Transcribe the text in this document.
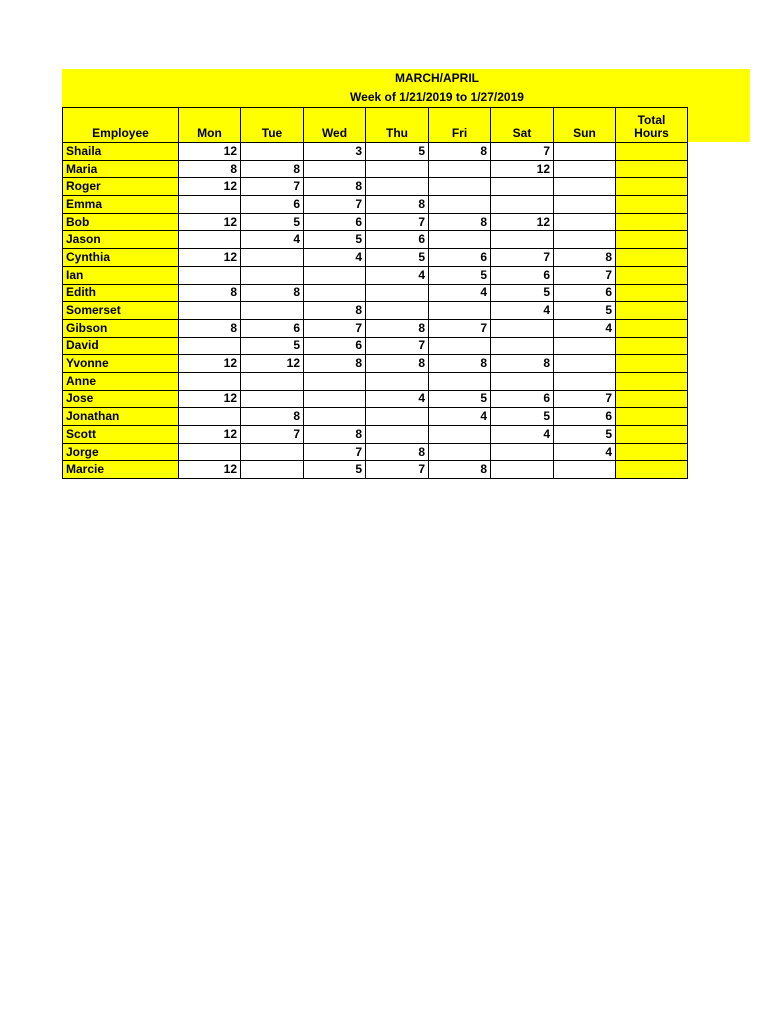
MARCH/APRIL
Week of 1/21/2019 to 1/27/2019
Employee	Mon	Tue	Wed	Thu	Fri	Sat	Sun	Total Hours
Shaila	12		3	5	8	7		
Maria	8	8				12		
Roger	12	7	8					
Emma		6	7	8				
Bob	12	5	6	7	8	12		
Jason		4	5	6				
Cynthia	12		4	5	6	7	8	
Ian				4	5	6	7	
Edith	8	8			4	5	6	
Somerset			8			4	5	
Gibson	8	6	7	8	7		4	
David		5	6	7				
Yvonne	12	12	8	8	8	8		
Anne								
Jose	12			4	5	6	7	
Jonathan		8			4	5	6	
Scott	12	7	8			4	5	
Jorge			7	8			4	
Marcie	12		5	7	8			
